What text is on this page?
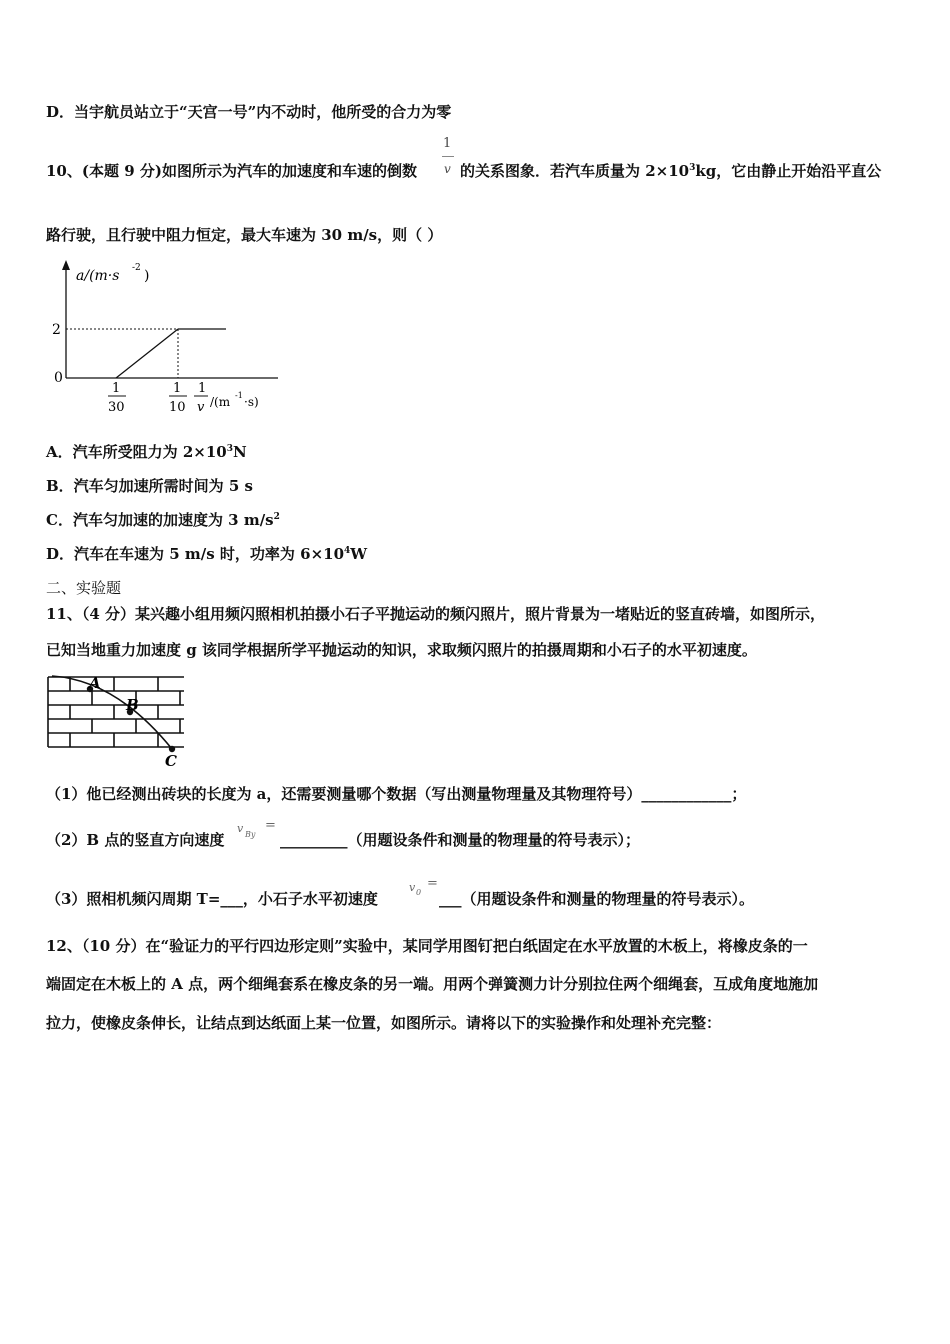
D．当宇航员站立于“天宫一号”内不动时，他所受的合力为零
10、(本题 9 分)如图所示为汽车的加速度和车速的倒数
1
v 的关系图象．若汽车质量为 $2\times 10^3kg$，它由静止开始沿平直公
路行驶，且行驶中阻力恒定，最大车速为 30 m/s，则（ ）
a/(m·s -2 )
2
0
1
30
1
10
1
v /(m -1 ·s)
A．汽车所受阻力为 $2\times 10^3N$
B．汽车匀加速所需时间为 5 s
C．汽车匀加速的加速度为 3 $m/s^2$
D．汽车在车速为 5 m/s 时，功率为 $6\times 10^4W$
二、实验题
11、（4 分）某兴趣小组用频闪照相机拍摄小石子平抛运动的频闪照片，照片背景为一堵贴近的竖直砖墙，如图所示，
已知当地重力加速度 g 该同学根据所学平抛运动的知识，求取频闪照片的拍摄周期和小石子的水平初速度。
A
B
C
（1）他已经测出砖块的长度为 a，还需要测量哪个数据（写出测量物理量及其物理符号）____________；
（2）B 点的竖直方向速度
v By
=
_________（用题设条件和测量的物理量的符号表示）；
（3）照相机频闪周期 T=___，小石子水平初速度
v 0
=
___（用题设条件和测量的物理量的符号表示）。
12、（10 分）在“验证力的平行四边形定则”实验中，某同学用图钉把白纸固定在水平放置的木板上，将橡皮条的一
端固定在木板上的 A 点，两个细绳套系在橡皮条的另一端。用两个弹簧测力计分别拉住两个细绳套，互成角度地施加
拉力，使橡皮条伸长，让结点到达纸面上某一位置，如图所示。请将以下的实验操作和处理补充完整：
